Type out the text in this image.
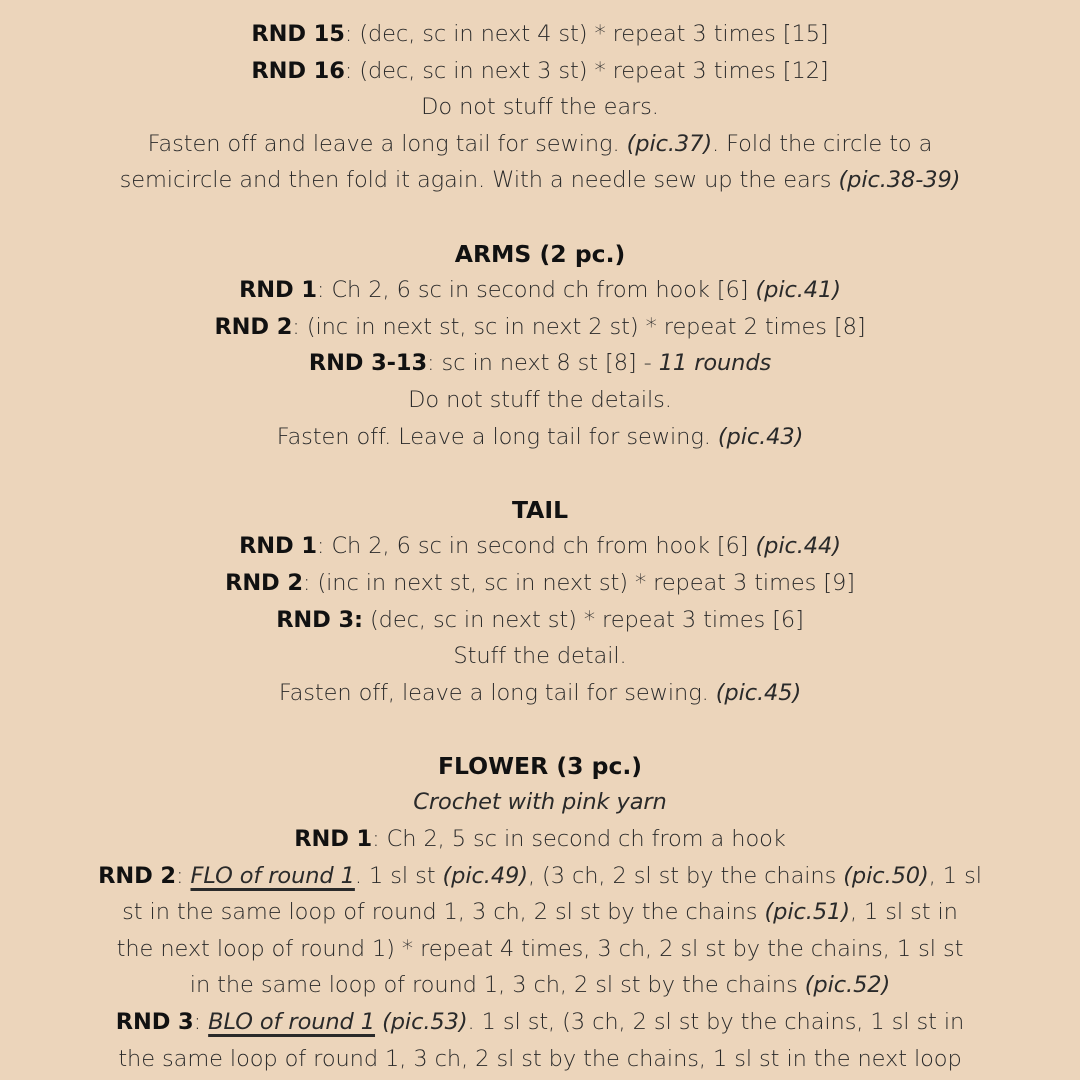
RND 15: (dec, sc in next 4 st) * repeat 3 times [15]
RND 16: (dec, sc in next 3 st) * repeat 3 times [12]
Do not stuff the ears.
Fasten off and leave a long tail for sewing. (pic.37). Fold the circle to a
semicircle and then fold it again. With a needle sew up the ears (pic.38-39)
ARMS (2 pc.)
RND 1: Ch 2, 6 sc in second ch from hook [6] (pic.41)
RND 2: (inc in next st, sc in next 2 st) * repeat 2 times [8]
RND 3-13: sc in next 8 st [8] - 11 rounds
Do not stuff the details.
Fasten off. Leave a long tail for sewing. (pic.43)
TAIL
RND 1: Ch 2, 6 sc in second ch from hook [6] (pic.44)
RND 2: (inc in next st, sc in next st) * repeat 3 times [9]
RND 3: (dec, sc in next st) * repeat 3 times [6]
Stuff the detail.
Fasten off, leave a long tail for sewing. (pic.45)
FLOWER (3 pc.)
Crochet with pink yarn
RND 1: Ch 2, 5 sc in second ch from a hook
RND 2: FLO of round 1. 1 sl st (pic.49), (3 ch, 2 sl st by the chains (pic.50), 1 sl
st in the same loop of round 1, 3 ch, 2 sl st by the chains (pic.51), 1 sl st in
the next loop of round 1) * repeat 4 times, 3 ch, 2 sl st by the chains, 1 sl st
in the same loop of round 1, 3 ch, 2 sl st by the chains (pic.52)
RND 3: BLO of round 1 (pic.53). 1 sl st, (3 ch, 2 sl st by the chains, 1 sl st in
the same loop of round 1, 3 ch, 2 sl st by the chains, 1 sl st in the next loop
